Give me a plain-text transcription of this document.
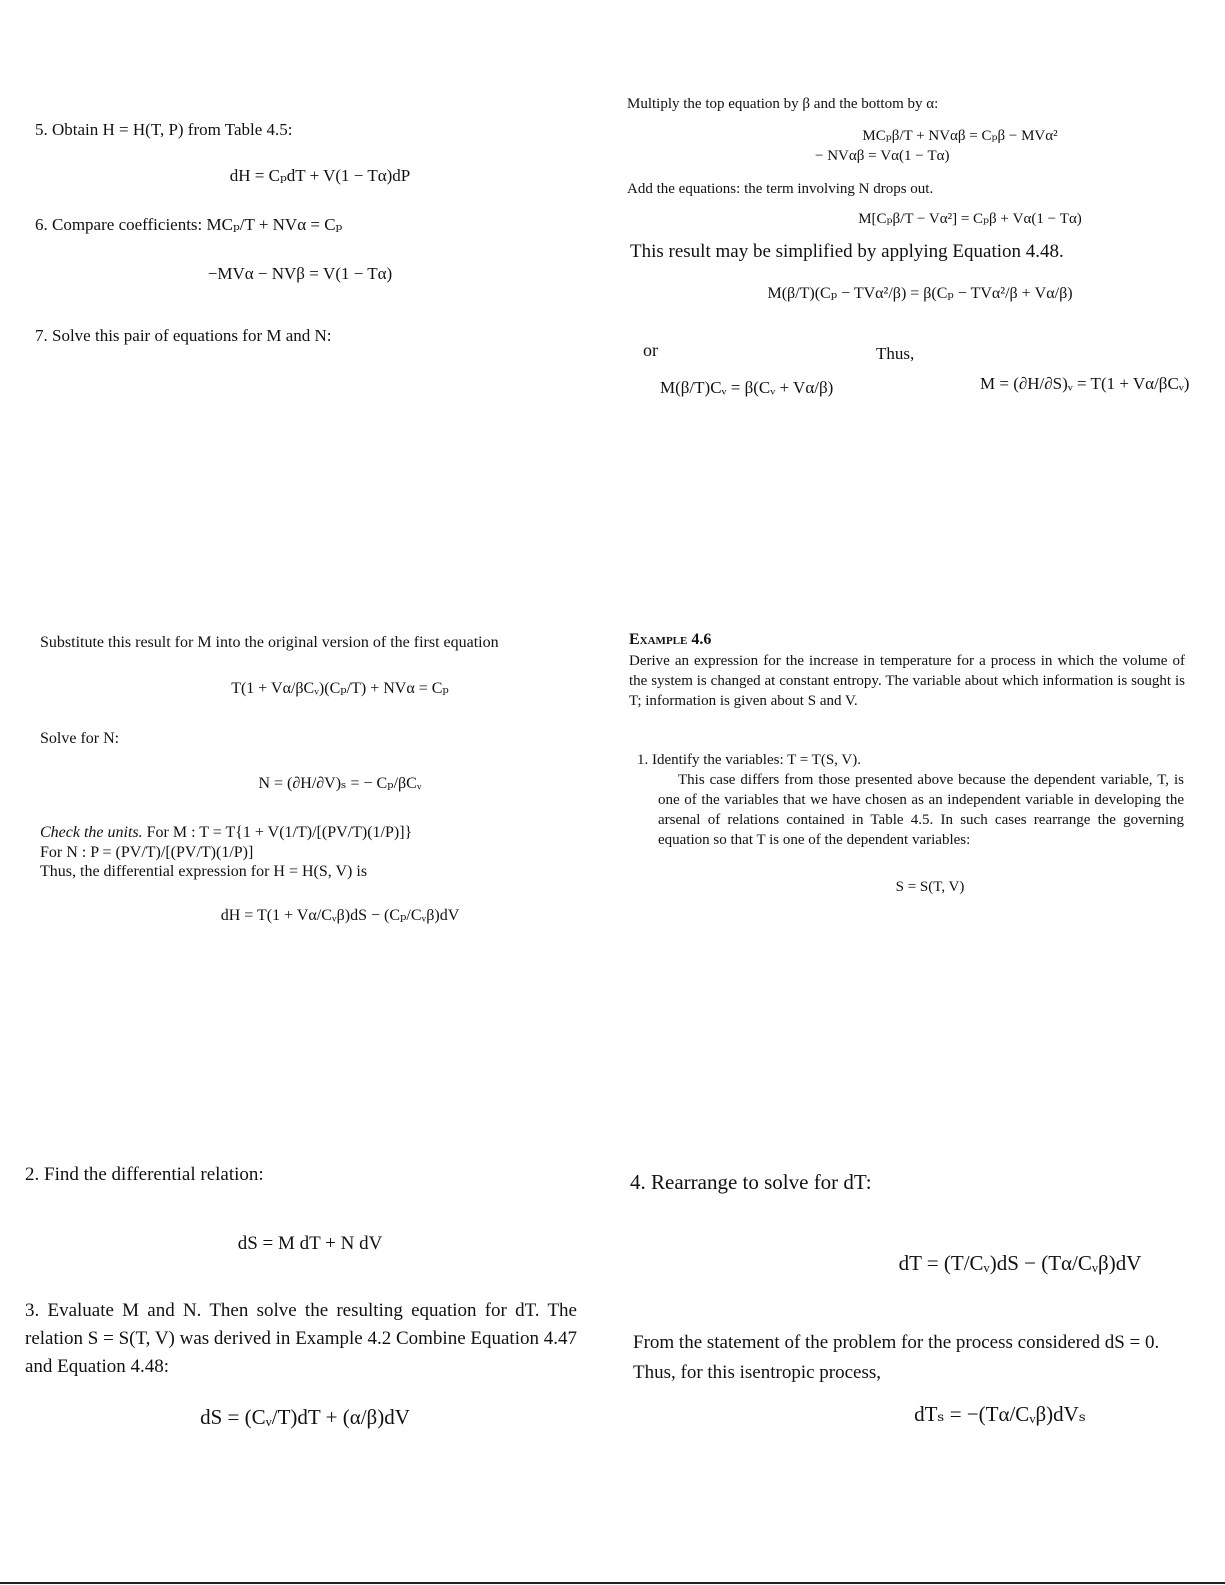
5. Obtain H = H(T, P) from Table 4.5:
dH = CₚdT + V(1 − Tα)dP
6. Compare coefficients: MCₚ/T + NVα = Cₚ
−MVα − NVβ = V(1 − Tα)
7. Solve this pair of equations for M and N:
Multiply the top equation by β and the bottom by α:
MCₚβ/T + NVαβ = Cₚβ − MVα²
− NVαβ = Vα(1 − Tα)
Add the equations: the term involving N drops out.
M[Cₚβ/T − Vα²] = Cₚβ + Vα(1 − Tα)
This result may be simplified by applying Equation 4.48.
M(β/T)(Cₚ − TVα²/β) = β(Cₚ − TVα²/β + Vα/β)
or	Thus,
M(β/T)Cᵥ = β(Cᵥ + Vα/β)	M = (∂H/∂S)ᵥ = T(1 + Vα/βCᵥ)
Substitute this result for M into the original version of the first equation
T(1 + Vα/βCᵥ)(Cₚ/T) + NVα = Cₚ
Solve for N:
N = (∂H/∂V)ₛ = − Cₚ/βCᵥ
Check the units. For M : T = T{1 + V(1/T)/[(PV/T)(1/P)]}
For N : P = (PV/T)/[(PV/T)(1/P)]
Thus, the differential expression for H = H(S, V) is
dH = T(1 + Vα/Cᵥβ)dS − (Cₚ/Cᵥβ)dV
Example 4.6
Derive an expression for the increase in temperature for a process in which the volume of the system is changed at constant entropy. The variable about which information is sought is T; information is given about S and V.
1. Identify the variables: T = T(S, V).
This case differs from those presented above because the dependent variable, T, is one of the variables that we have chosen as an independent variable in developing the arsenal of relations contained in Table 4.5. In such cases rearrange the governing equation so that T is one of the dependent variables:
S = S(T, V)
2. Find the differential relation:
dS = M dT + N dV
3. Evaluate M and N. Then solve the resulting equation for dT. The relation S = S(T, V) was derived in Example 4.2 Combine Equation 4.47 and Equation 4.48:
dS = (Cᵥ/T)dT + (α/β)dV
4. Rearrange to solve for dT:
dT = (T/Cᵥ)dS − (Tα/Cᵥβ)dV
From the statement of the problem for the process considered dS = 0. Thus, for this isentropic process,
dTₛ = −(Tα/Cᵥβ)dVₛ
